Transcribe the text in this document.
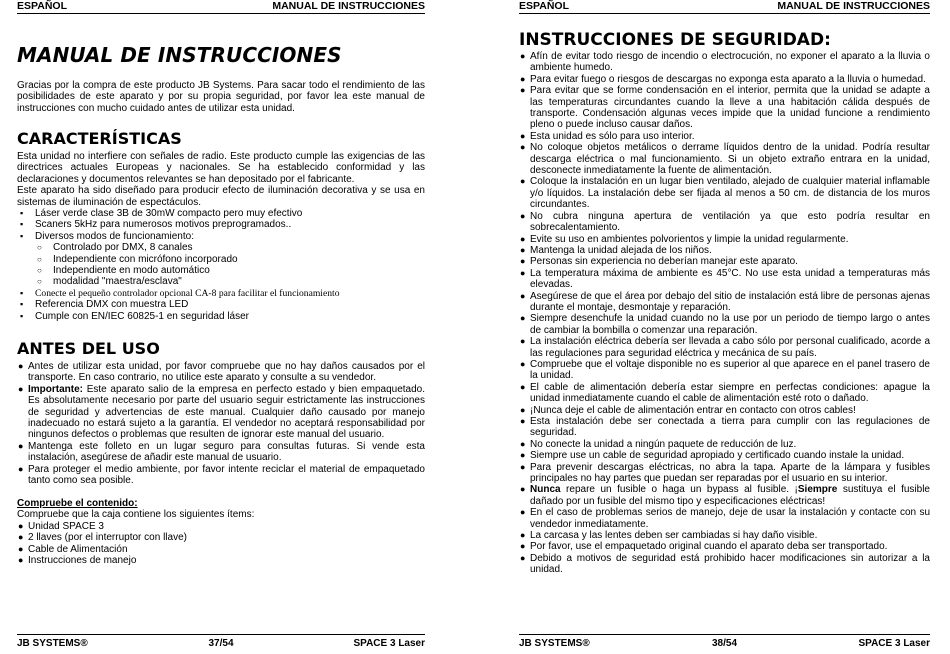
ESPAÑOL	MANUAL DE INSTRUCCIONES
MANUAL DE INSTRUCCIONES

Gracias por la compra de este producto JB Systems. Para sacar todo el rendimiento de las posibilidades de este aparato y por su propia seguridad, por favor lea este manual de instrucciones con mucho cuidado antes de utilizar esta unidad.

CARACTERÍSTICAS

Esta unidad no interfiere con señales de radio. Este producto cumple las exigencias de las directrices actuales Europeas y nacionales. Se ha establecido conformidad y las declaraciones y documentos relevantes se han depositado por el fabricante.

Este aparato ha sido diseñado para producir efecto de iluminación decorativa y se usa en sistemas de iluminación de espectáculos.

▪ Láser verde clase 3B de 30mW compacto pero muy efectivo
▪ Scaners 5kHz para numerosos motivos preprogramados..
▪ Diversos modos de funcionamiento:
○ Controlado por DMX, 8 canales
○ Independiente con micrófono incorporado
○ Independiente en modo automático
○ modalidad "maestra/esclava"
▪ Conecte el pequeño controlador opcional CA-8 para facilitar el funcionamiento
▪ Referencia DMX con muestra LED
▪ Cumple con EN/IEC 60825-1 en seguridad láser
ANTES DEL USO
● Antes de utilizar esta unidad, por favor compruebe que no hay daños causados por el transporte. En caso contrario, no utilice este aparato y consulte a su vendedor.
● Importante: Este aparato salio de la empresa en perfecto estado y bien empaquetado. Es absolutamente necesario por parte del usuario seguir estrictamente las instrucciones de seguridad y advertencias de este manual. Cualquier daño causado por manejo inadecuado no estará sujeto a la garantía. El vendedor no aceptará responsabilidad por ningunos defectos o problemas que resulten de ignorar este manual del usuario.
● Mantenga este folleto en un lugar seguro para consultas futuras. Si vende esta instalación, asegúrese de añadir este manual de usuario.
● Para proteger el medio ambiente, por favor intente reciclar el material de empaquetado tanto como sea posible.
Compruebe el contenido:
Compruebe que la caja contiene los siguientes ítems:
● Unidad SPACE 3
● 2 llaves (por el interruptor con llave)
● Cable de Alimentación
● Instrucciones de manejo
JB SYSTEMS®	37/54	SPACE 3 Laser
ESPAÑOL	MANUAL DE INSTRUCCIONES
INSTRUCCIONES DE SEGURIDAD:
● Afín de evitar todo riesgo de incendio o electrocución, no exponer el aparato a la lluvia o ambiente humedo.
● Para evitar fuego o riesgos de descargas no exponga esta aparato a la lluvia o humedad.
● Para evitar que se forme condensación en el interior, permita que la unidad se adapte a las temperaturas circundantes cuando la lleve a una habitación cálida después de transporte. Condensación algunas veces impide que la unidad funcione a rendimiento pleno o puede incluso causar daños.
● Esta unidad es sólo para uso interior.
● No coloque objetos metálicos o derrame líquidos dentro de la unidad. Podría resultar descarga eléctrica o mal funcionamiento. Si un objeto extraño entrara en la unidad, desconecte inmediatamente la fuente de alimentación.
● Coloque la instalación en un lugar bien ventilado, alejado de cualquier material inflamable y/o líquidos. La instalación debe ser fijada al menos a 50 cm. de distancia de los muros circundantes.
● No cubra ninguna apertura de ventilación ya que esto podría resultar en sobrecalentamiento.
● Evite su uso en ambientes polvorientos y limpie la unidad regularmente.
● Mantenga la unidad alejada de los niños.
● Personas sin experiencia no deberían manejar este aparato.
● La temperatura máxima de ambiente es 45°C. No use esta unidad a temperaturas más elevadas.
● Asegúrese de que el área por debajo del sitio de instalación está libre de personas ajenas durante el montaje, desmontaje y reparación.
● Siempre desenchufe la unidad cuando no la use por un periodo de tiempo largo o antes de cambiar la bombilla o comenzar una reparación.
● La instalación eléctrica debería ser llevada a cabo sólo por personal cualificado, acorde a las regulaciones para seguridad eléctrica y mecánica de su país.
● Compruebe que el voltaje disponible no es superior al que aparece en el panel trasero de la unidad.
● El cable de alimentación debería estar siempre en perfectas condiciones: apague la unidad inmediatamente cuando el cable de alimentación esté roto o dañado.
● ¡Nunca deje el cable de alimentación entrar en contacto con otros cables!
● Esta instalación debe ser conectada a tierra para cumplir con las regulaciones de seguridad.
● No conecte la unidad a ningún paquete de reducción de luz.
● Siempre use un cable de seguridad apropiado y certificado cuando instale la unidad.
● Para prevenir descargas eléctricas, no abra la tapa. Aparte de la lámpara y fusibles principales no hay partes que puedan ser reparadas por el usuario en su interior.
● Nunca repare un fusible o haga un bypass al fusible. ¡Siempre sustituya el fusible dañado por un fusible del mismo tipo y especificaciones eléctricas!
● En el caso de problemas serios de manejo, deje de usar la instalación y contacte con su vendedor inmediatamente.
● La carcasa y las lentes deben ser cambiadas si hay daño visible.
● Por favor, use el empaquetado original cuando el aparato deba ser transportado.
● Debido a motivos de seguridad está prohibido hacer modificaciones sin autorizar a la unidad.
JB SYSTEMS®	38/54	SPACE 3 Laser
